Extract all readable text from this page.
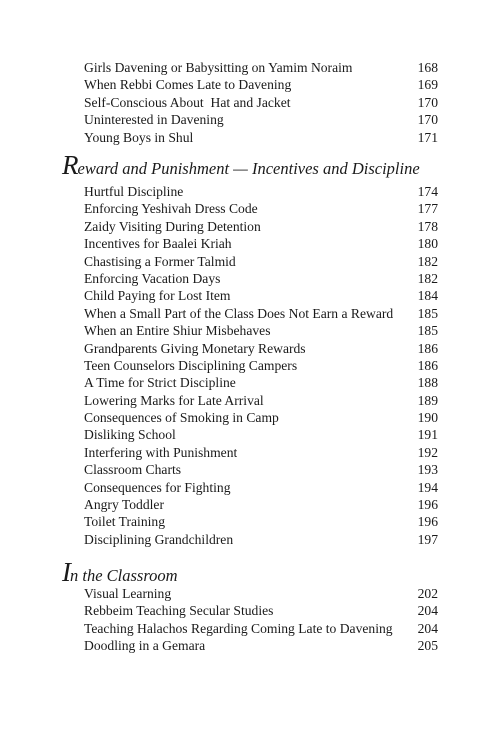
Girls Davening or Babysitting on Yamim Noraim	168
When Rebbi Comes Late to Davening	169
Self-Conscious About  Hat and Jacket	170
Uninterested in Davening	170
Young Boys in Shul	171
Reward and Punishment — Incentives and Discipline
Hurtful Discipline	174
Enforcing Yeshivah Dress Code	177
Zaidy Visiting During Detention	178
Incentives for Baalei Kriah	180
Chastising a Former Talmid	182
Enforcing Vacation Days	182
Child Paying for Lost Item	184
When a Small Part of the Class Does Not Earn a Reward	185
When an Entire Shiur Misbehaves	185
Grandparents Giving Monetary Rewards	186
Teen Counselors Disciplining Campers	186
A Time for Strict Discipline	188
Lowering Marks for Late Arrival	189
Consequences of Smoking in Camp	190
Disliking School	191
Interfering with Punishment	192
Classroom Charts	193
Consequences for Fighting	194
Angry Toddler	196
Toilet Training	196
Disciplining Grandchildren	197
In the Classroom
Visual Learning	202
Rebbeim Teaching Secular Studies	204
Teaching Halachos Regarding Coming Late to Davening	204
Doodling in a Gemara	205
